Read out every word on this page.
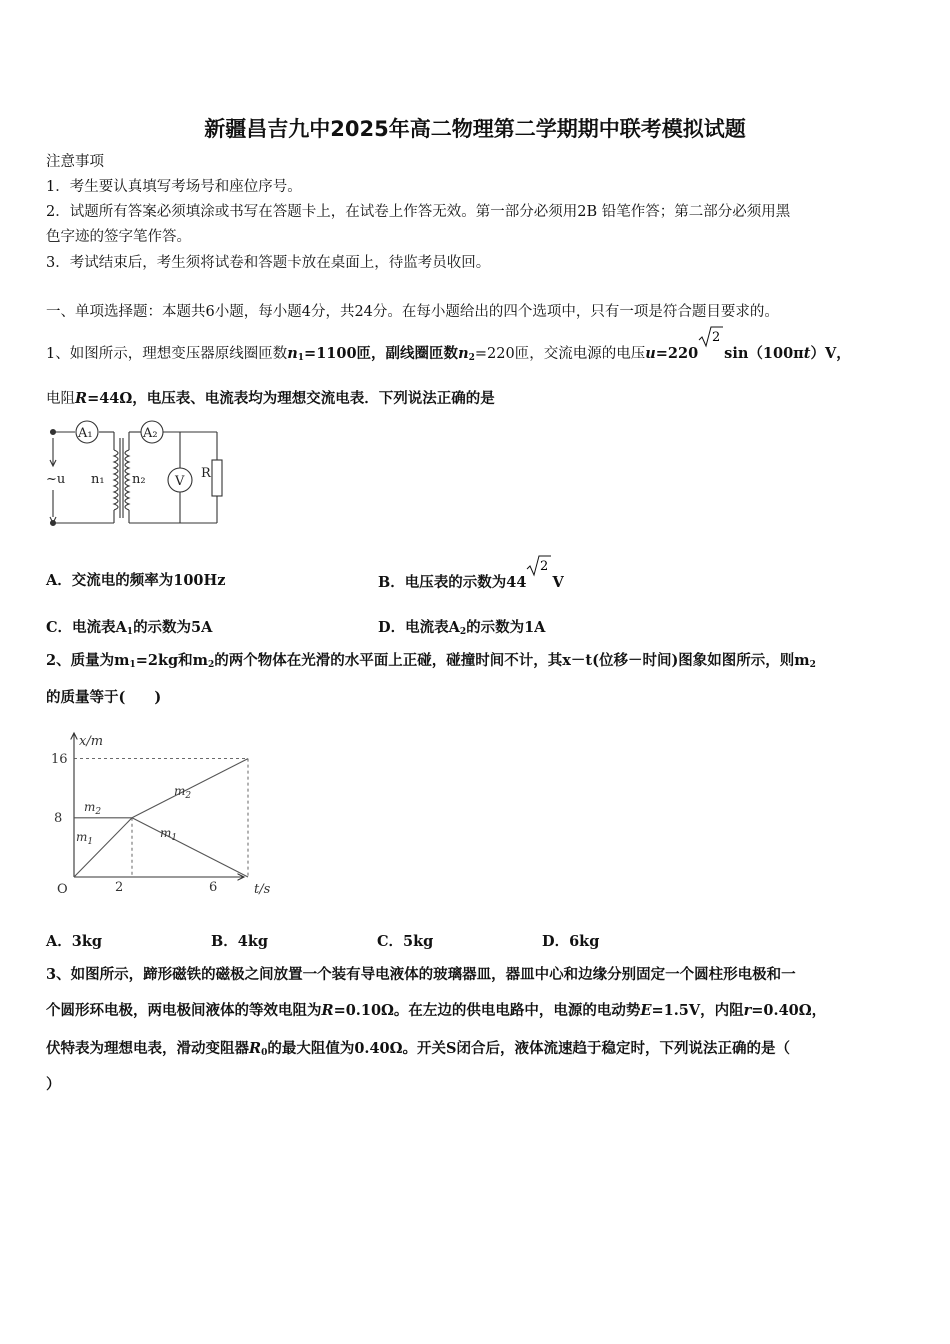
新疆昌吉九中2025年高二物理第二学期期中联考模拟试题
注意事项
1．考生要认真填写考场号和座位序号。
2．试题所有答案必须填涂或书写在答题卡上，在试卷上作答无效。第一部分必须用2B 铅笔作答；第二部分必须用黑
色字迹的签字笔作答。
3．考试结束后，考生须将试卷和答题卡放在桌面上，待监考员收回。
一、单项选择题：本题共6小题，每小题4分，共24分。在每小题给出的四个选项中，只有一项是符合题目要求的。
1、如图所示，理想变压器原线圈匝数$n_1=1100$匝，副线圈匝数$n_2=220$匝，交流电源的电压u=220
2
sin（100πt）V，
电阻R=44Ω，电压表、电流表均为理想交流电表．下列说法正确的是
A₁	A₂
V
R
~u n₁ n₂
A．交流电的频率为100Hz	B．电压表的示数为44
2
V
C．电流表$A_1$的示数为5A	D．电流表$A_2$的示数为1A
2、质量为$m_1=2kg$和$m_2$的两个物体在光滑的水平面上正碰，碰撞时间不计，其x－t(位移－时间)图象如图所示，则$m_2$
的质量等于(　　)
x/m
t/s
O
16
8
2	6
$m_2$
$m_2$
$m_1$
$m_1$
A．3kg	B．4kg	C．5kg	D．6kg
3、如图所示，蹄形磁铁的磁极之间放置一个装有导电液体的玻璃器皿，器皿中心和边缘分别固定一个圆柱形电极和一
个圆形环电极，两电极间液体的等效电阻为R=0.10Ω。在左边的供电电路中，电源的电动势E=1.5V，内阻r=0.40Ω，
伏特表为理想电表，滑动变阻器$R_0$的最大阻值为0.40Ω。开关S闭合后，液体流速趋于稳定时，下列说法正确的是（
）
